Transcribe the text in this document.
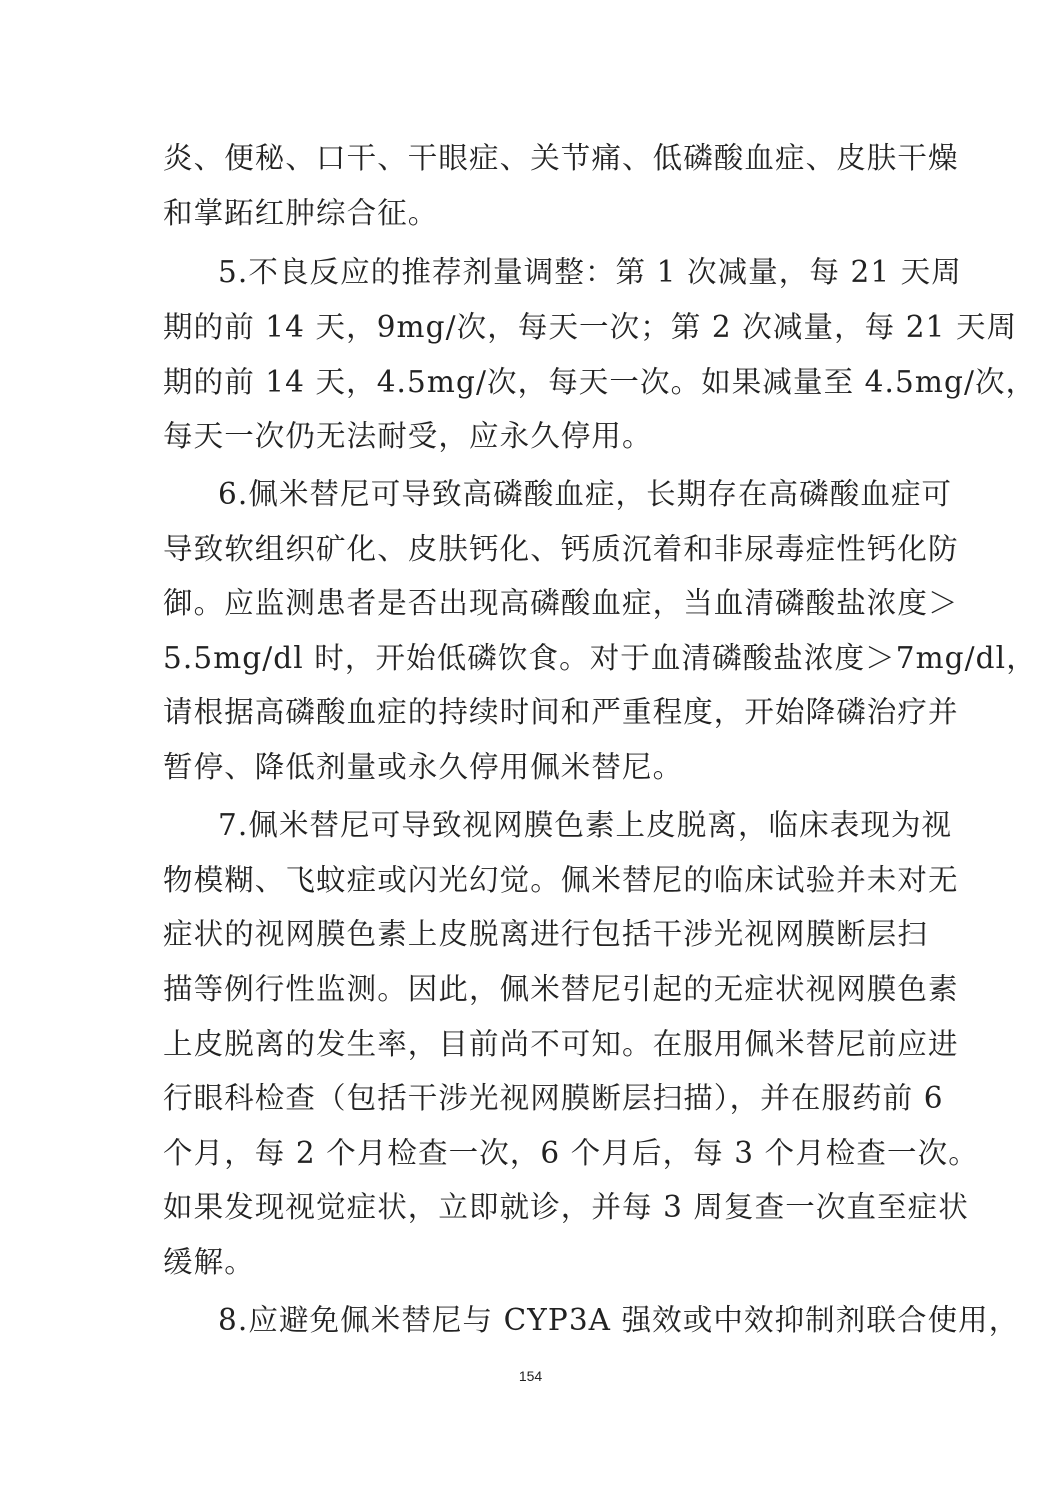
炎、便秘、口干、干眼症、关节痛、低磷酸血症、皮肤干燥
和掌跖红肿综合征。
5.不良反应的推荐剂量调整：第 1 次减量，每 21 天周
期的前 14 天，9mg/次，每天一次；第 2 次减量，每 21 天周
期的前 14 天，4.5mg/次，每天一次。如果减量至 4.5mg/次，
每天一次仍无法耐受，应永久停用。
6.佩米替尼可导致高磷酸血症，长期存在高磷酸血症可
导致软组织矿化、皮肤钙化、钙质沉着和非尿毒症性钙化防
御。应监测患者是否出现高磷酸血症，当血清磷酸盐浓度＞
5.5mg/dl 时，开始低磷饮食。对于血清磷酸盐浓度＞7mg/dl，
请根据高磷酸血症的持续时间和严重程度，开始降磷治疗并
暂停、降低剂量或永久停用佩米替尼。
7.佩米替尼可导致视网膜色素上皮脱离，临床表现为视
物模糊、飞蚊症或闪光幻觉。佩米替尼的临床试验并未对无
症状的视网膜色素上皮脱离进行包括干涉光视网膜断层扫
描等例行性监测。因此，佩米替尼引起的无症状视网膜色素
上皮脱离的发生率，目前尚不可知。在服用佩米替尼前应进
行眼科检查（包括干涉光视网膜断层扫描），并在服药前 6
个月，每 2 个月检查一次，6 个月后，每 3 个月检查一次。
如果发现视觉症状，立即就诊，并每 3 周复查一次直至症状
缓解。
8.应避免佩米替尼与 CYP3A 强效或中效抑制剂联合使用，
154
